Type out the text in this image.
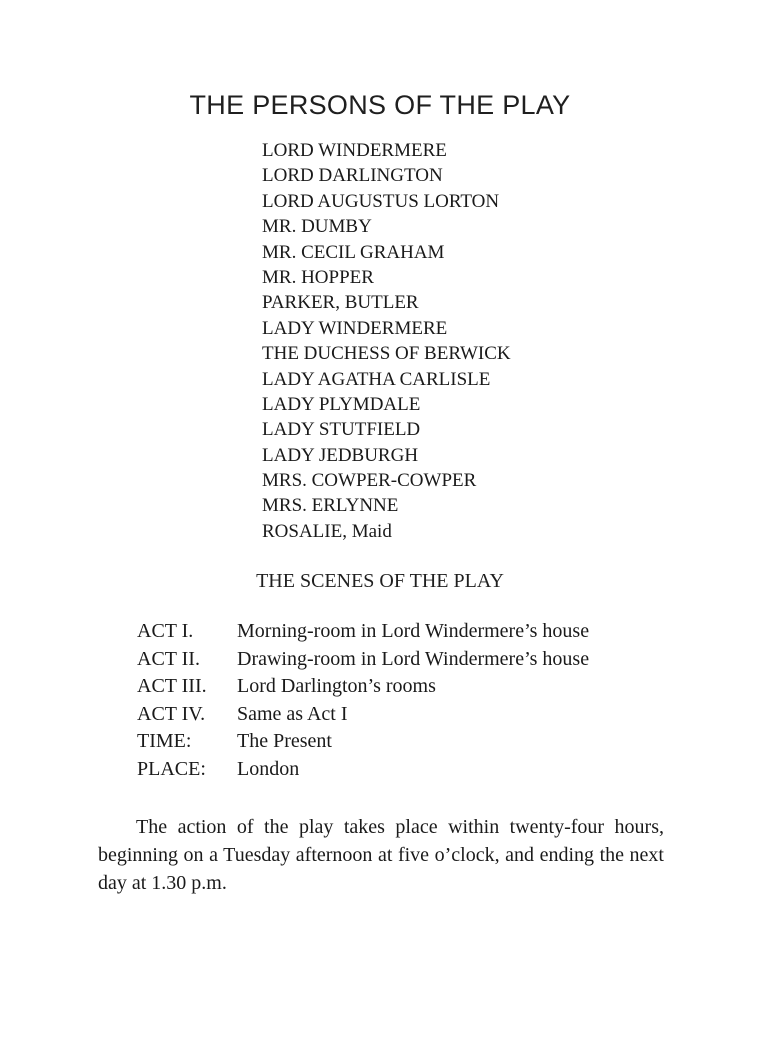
THE PERSONS OF THE PLAY
LORD WINDERMERE
LORD DARLINGTON
LORD AUGUSTUS LORTON
MR. DUMBY
MR. CECIL GRAHAM
MR. HOPPER
PARKER, BUTLER
LADY WINDERMERE
THE DUCHESS OF BERWICK
LADY AGATHA CARLISLE
LADY PLYMDALE
LADY STUTFIELD
LADY JEDBURGH
MRS. COWPER-COWPER
MRS. ERLYNNE
ROSALIE, Maid
THE SCENES OF THE PLAY
ACT I.	Morning-room in Lord Windermere’s house
ACT II.	Drawing-room in Lord Windermere’s house
ACT III.	Lord Darlington’s rooms
ACT IV.	Same as Act I
TIME:	The Present
PLACE:	London

The action of the play takes place within twenty-four hours, beginning on a Tuesday afternoon at five o’clock, and ending the next day at 1.30 p.m.
